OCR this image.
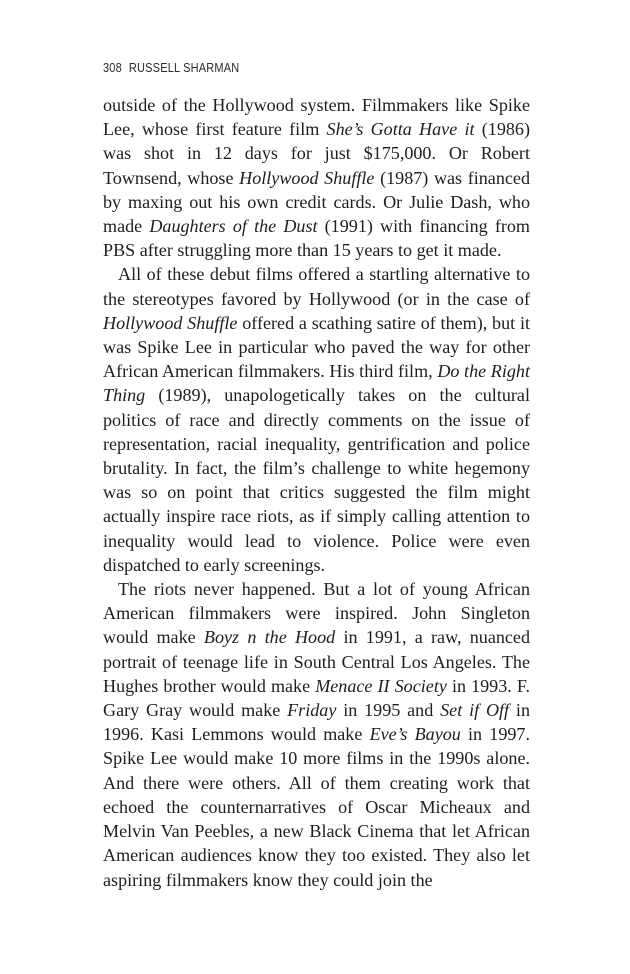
308 RUSSELL SHARMAN

outside of the Hollywood system. Filmmakers like Spike Lee, whose first feature film She’s Gotta Have it (1986) was shot in 12 days for just $175,000. Or Robert Townsend, whose Hollywood Shuffle (1987) was financed by maxing out his own credit cards. Or Julie Dash, who made Daughters of the Dust (1991) with financing from PBS after struggling more than 15 years to get it made.

All of these debut films offered a startling alternative to the stereotypes favored by Hollywood (or in the case of Hollywood Shuffle offered a scathing satire of them), but it was Spike Lee in particular who paved the way for other African American filmmakers. His third film, Do the Right Thing (1989), unapologetically takes on the cultural politics of race and directly comments on the issue of representation, racial inequality, gentrification and police brutality. In fact, the film’s challenge to white hegemony was so on point that critics suggested the film might actually inspire race riots, as if simply calling attention to inequality would lead to violence. Police were even dispatched to early screenings.

The riots never happened. But a lot of young African American filmmakers were inspired. John Singleton would make Boyz n the Hood in 1991, a raw, nuanced portrait of teenage life in South Central Los Angeles. The Hughes brother would make Menace II Society in 1993. F. Gary Gray would make Friday in 1995 and Set if Off in 1996. Kasi Lemmons would make Eve’s Bayou in 1997. Spike Lee would make 10 more films in the 1990s alone. And there were others. All of them creating work that echoed the counternarratives of Oscar Micheaux and Melvin Van Peebles, a new Black Cinema that let African American audiences know they too existed. They also let aspiring filmmakers know they could join the
